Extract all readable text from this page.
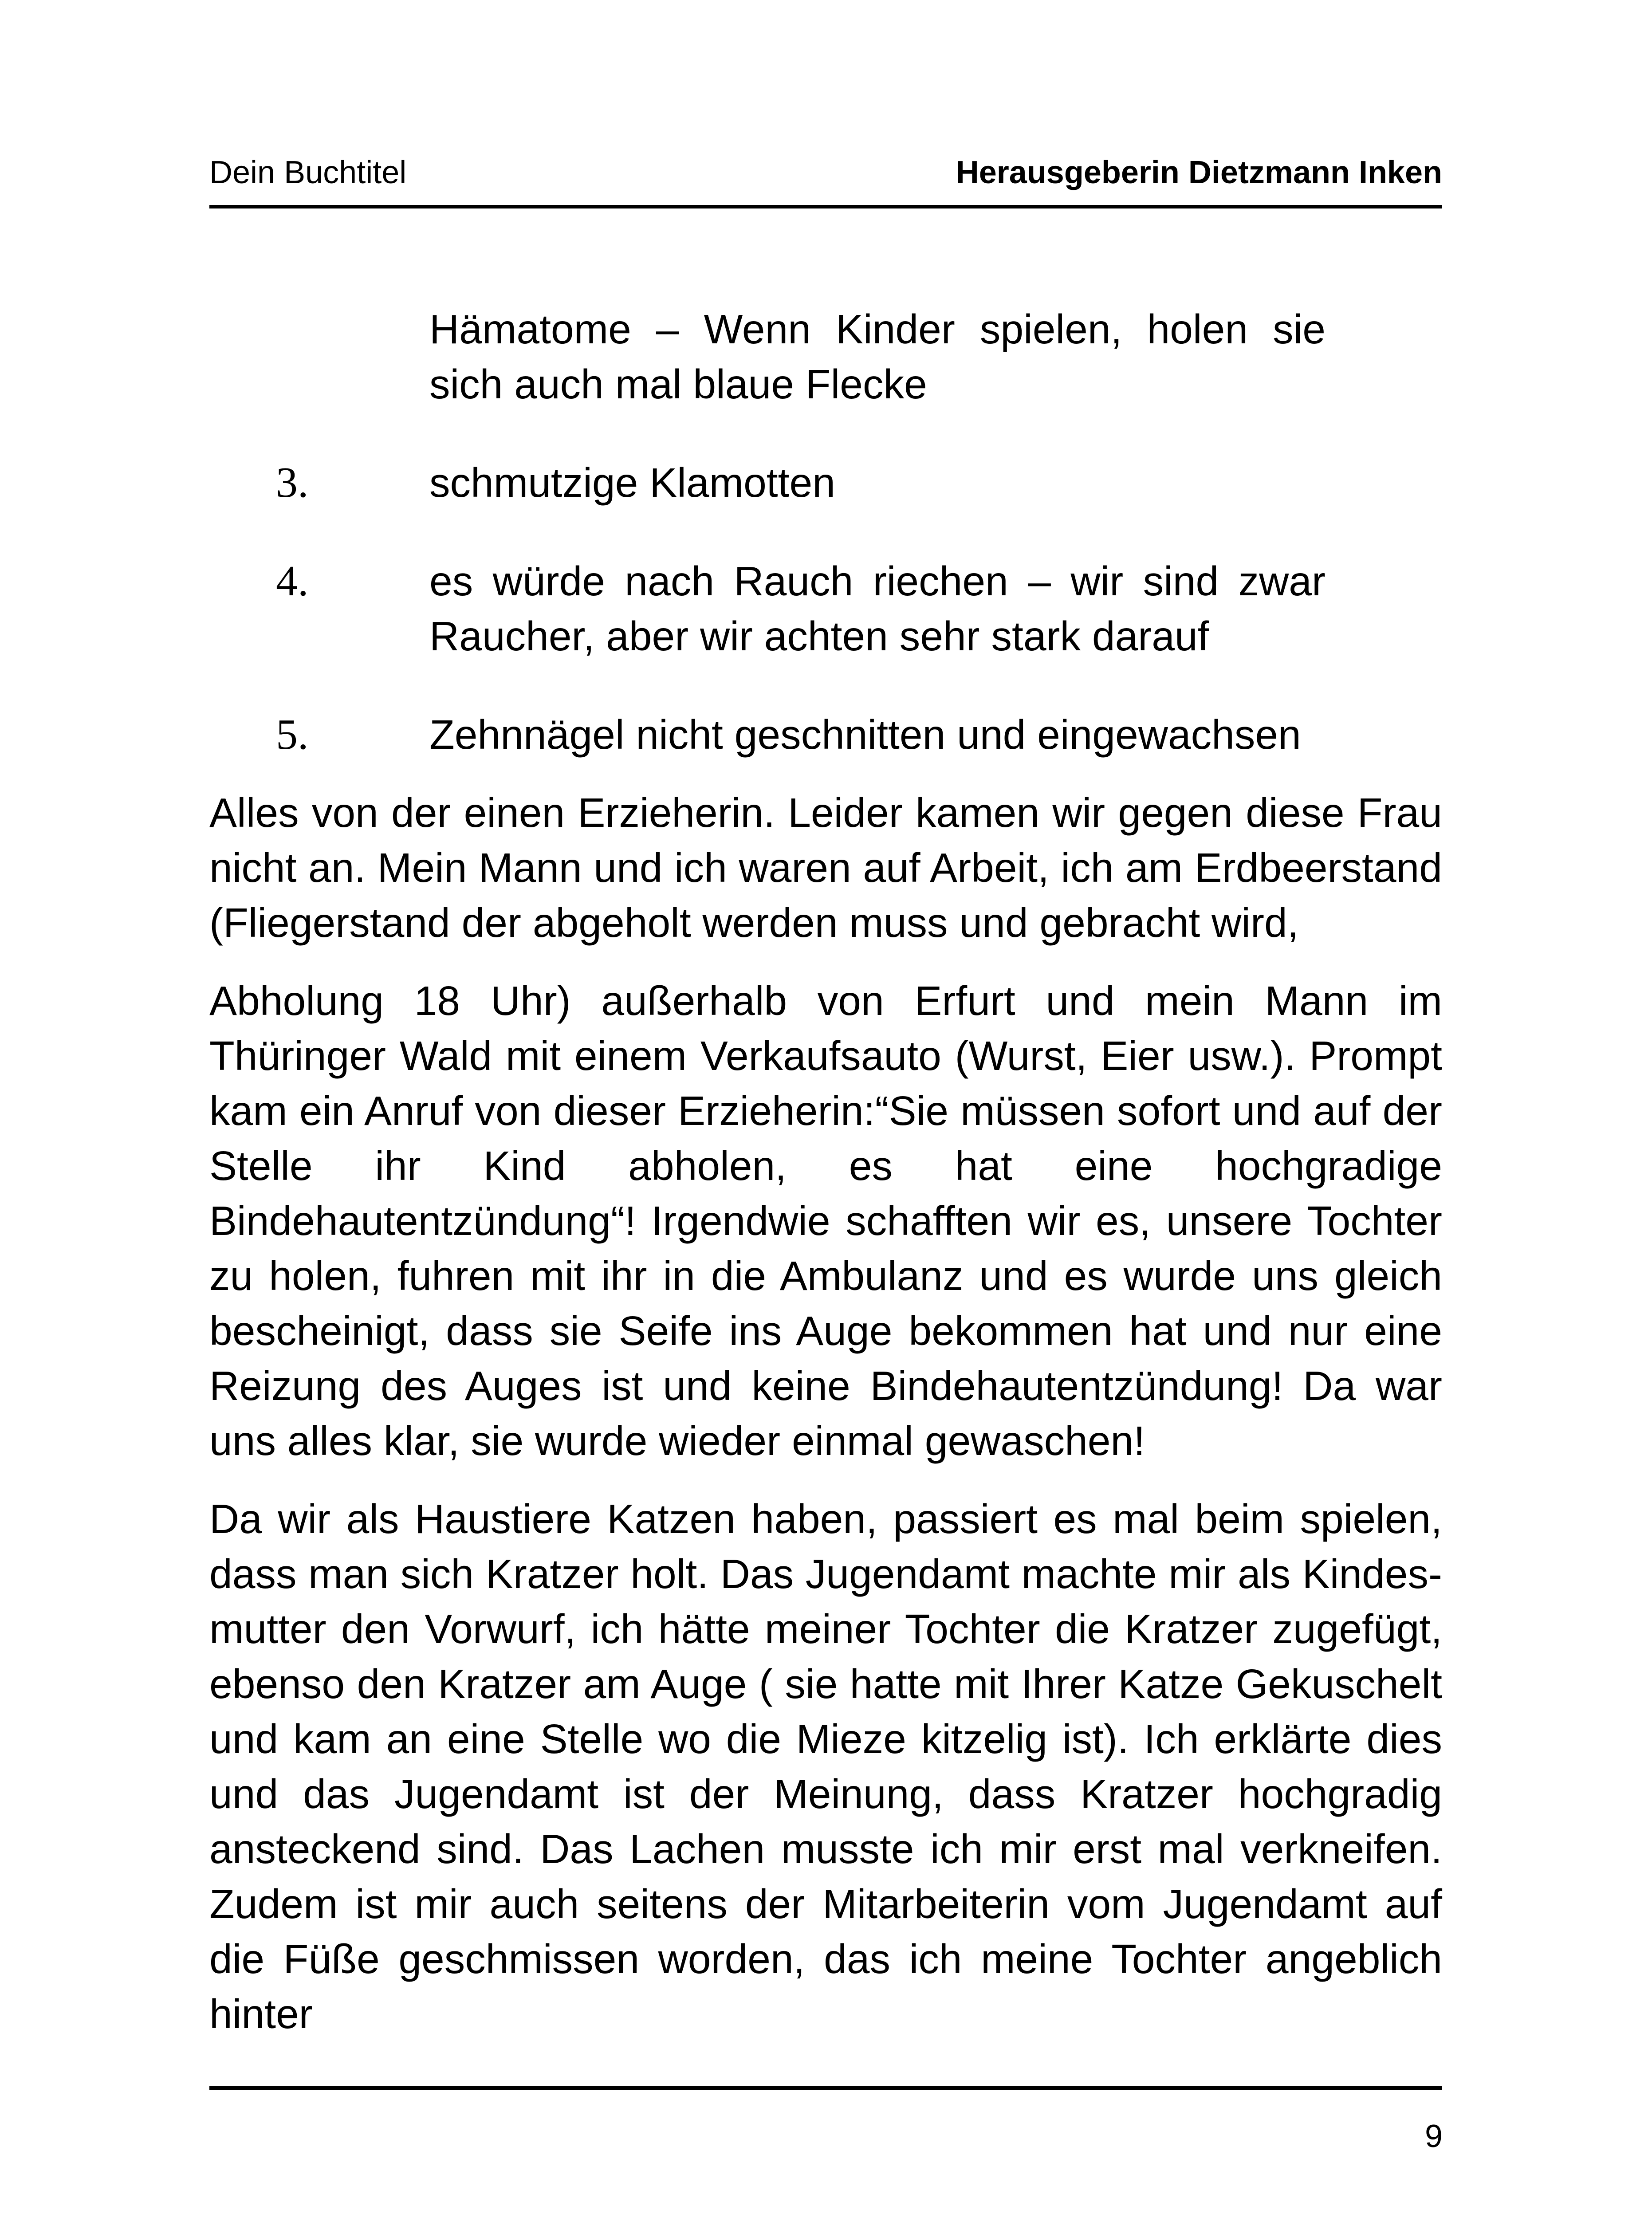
Dein Buchtitel	Herausgeberin Dietzmann Inken
Hämatome – Wenn Kinder spielen, holen sie sich auch mal blaue Flecke
3.	schmutzige Klamotten
4.	es würde nach Rauch riechen – wir sind zwar Raucher, aber wir achten sehr stark darauf
5.	Zehnnägel nicht geschnitten und eingewachsen

Alles von der einen Erzieherin. Leider kamen wir gegen diese Frau nicht an. Mein Mann und ich waren auf Arbeit, ich am Erdbeerstand (Fliegerstand der abgeholt werden muss und gebracht wird,

Abholung 18 Uhr) außerhalb von Erfurt und mein Mann im Thüringer Wald mit einem Verkaufsauto (Wurst, Eier usw.). Prompt kam ein Anruf von dieser Erzieherin:“Sie müssen sofort und auf der Stelle ihr Kind abholen, es hat eine hochgradige Bindehautentzündung“! Irgendwie schafften wir es, unsere Tochter zu holen, fuhren mit ihr in die Ambulanz und es wurde uns gleich bescheinigt, dass sie Seife ins Auge bekommen hat und nur eine Reizung des Auges ist und keine Bindehautentzündung! Da war uns alles klar, sie wurde wieder einmal gewaschen!

Da wir als Haustiere Katzen haben, passiert es mal beim spielen, dass man sich Kratzer holt. Das Jugendamt machte mir als Kindes-mutter den Vorwurf, ich hätte meiner Tochter die Kratzer zugefügt, ebenso den Kratzer am Auge ( sie hatte mit Ihrer Katze Gekuschelt und kam an eine Stelle wo die Mieze kitzelig ist). Ich erklärte dies und das Jugendamt ist der Meinung, dass Kratzer hochgradig ansteckend sind. Das Lachen musste ich mir erst mal verkneifen. Zudem ist mir auch seitens der Mitarbeiterin vom Jugendamt auf die Füße geschmissen worden, das ich meine Tochter angeblich hinter

9
